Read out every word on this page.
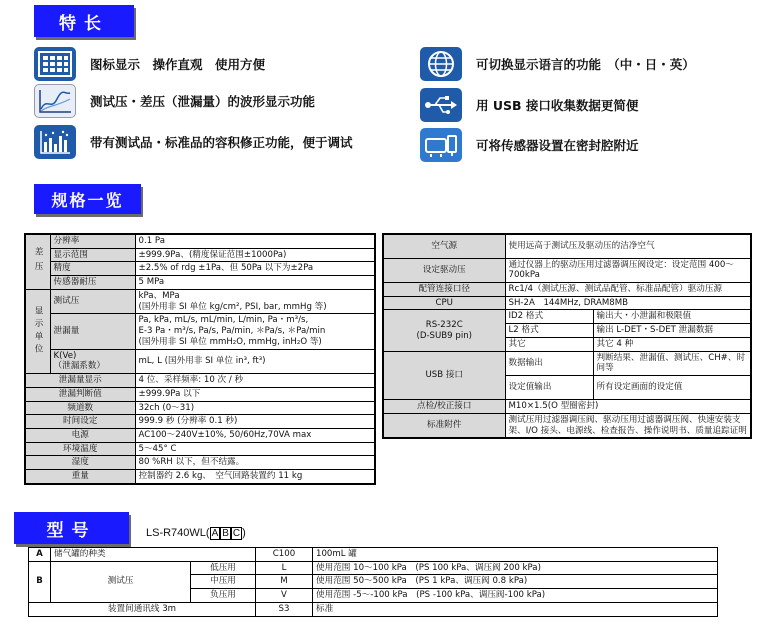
特长
规格一览
型号
图标显示　操作直观　使用方便
测试压・差压（泄漏量）的波形显示功能
带有测试品・标准品的容积修正功能，便于调试
可切换显示语言的功能　（中・日・英）
用 USB 接口收集数据更简便
可将传感器设置在密封腔附近
差压	分辨率	0.1 Pa
	显示范围	±999.9Pa、(精度保证范围±1000Pa)
	精度	±2.5% of rdg ±1Pa、但 50Pa 以下为±2Pa
	传感器耐压	5 MPa

显示单位	测试压	kPa、MPa
(国外用非 SI 单位 kg/cm², PSI, bar, mmHg 等)

	泄漏量	Pa, kPa, mL/s, mL/min, L/min, Pa・m³/s,
E-3 Pa・m³/s, Pa/s, Pa/min, ＊Pa/s, ＊Pa/min
(国外用非 SI 单位 mmH₂O, mmHg, inH₂O 等)

	K(Ve)
（泄漏系数）	mL, L (国外用非 SI 单位 in³, ft³)
泄漏量显示		4 位、采样频率: 10 次 / 秒
泄漏判断值		±999.9Pa 以下
频道数		32ch (0～31)
时间设定		999.9 秒 (分辨率 0.1 秒)
电源		AC100～240V±10%, 50/60Hz,70VA max
环境温度		5～45° C
湿度		80 %RH 以下，但不结露。
重量		控制器约 2.6 kg、　空气回路装置约 11 kg
空气源	使用远高于测试压及驱动压的洁净空气	
设定驱动压	通过仪器上的驱动压用过滤器调压阀设定：设定范围 400～700kPa	
配管连接口径	Rc1/4（测试压源、测试品配管、标准品配管）驱动压源	
CPU	SH-2A　144MHz, DRAM8MB	

RS-232C
(D-SUB9 pin)	ID2 格式	输出大・小泄漏和极限值
	L2 格式	输出 L-DET・S-DET 泄漏数据
	其它	其它 4 种
USB 接口	数据输出	判断结果、泄漏值、测试压、CH#、时间等
	设定值输出	所有设定画面的设定值
点检/校正接口	M10×1.5(O 型圈密封)	
标准附件	测试压用过滤器调压阀、驱动压用过滤器调压阀、快速安装支架、I/O 接头、电源线、检查报告、操作说明书、质量追踪证明	
LS-R740WL( A B C )
A	储气罐的种类		C100	100mL 罐
B	测试压	低压用	L	使用范围 10～100 kPa　(PS 100 kPa、调压阀 200 kPa)
		中压用	M	使用范围 50～500 kPa　(PS 1 kPa、调压阀 0.8 kPa)
		负压用	V	使用范围 -5～-100 kPa　(PS -100 kPa、调压阀-100 kPa)
装置间通讯线 3m			S3	标准
